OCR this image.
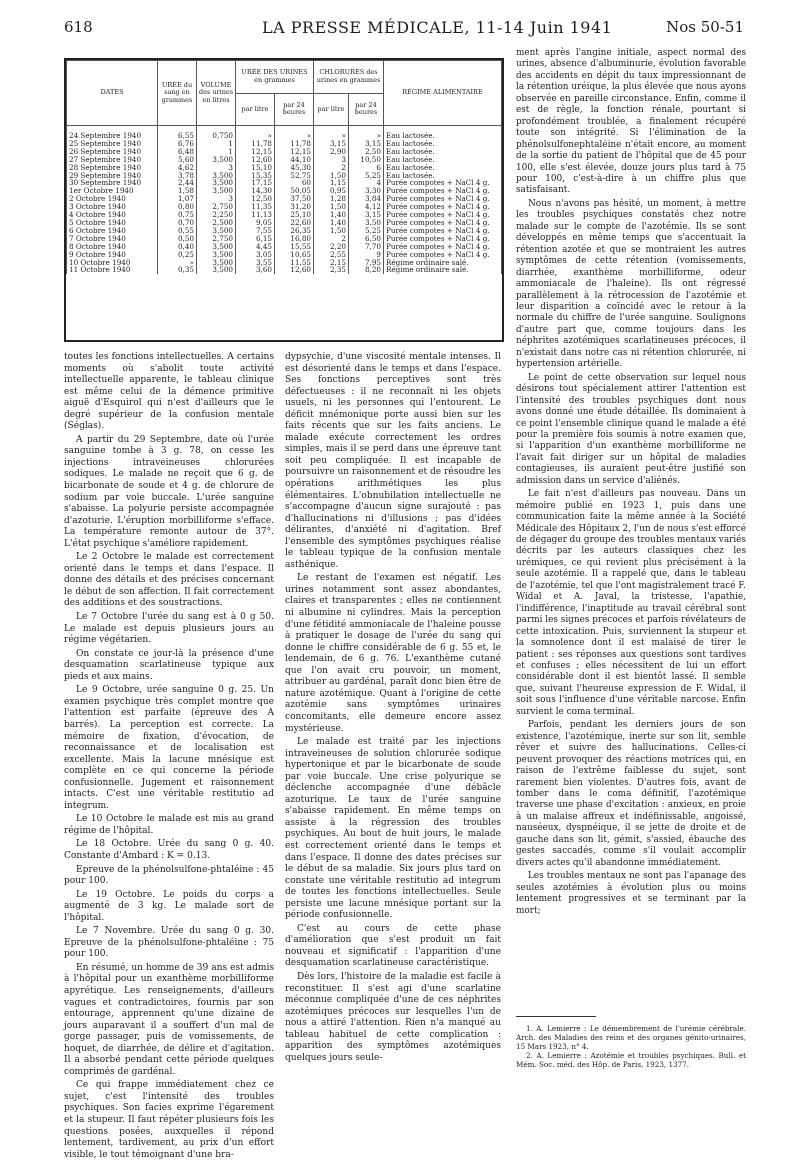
618	LA PRESSE MÉDICALE, 11-14 Juin 1941	Nos 50-51
DATES	URÉE du sang en grammes	VOLUME des urines en litres	URÉE DES URINES en grammes		CHLORURES des urines en grammes		RÉGIME ALIMENTAIRE
			par litre	par 24 heures	par litre	par 24 heures	
24 Septembre 1940	6,55	0,750	»	»	»	»	Eau lactosée.
25 Septembre 1940	6,76	1	11,78	11,78	3,15	3,15	Eau lactosée.
26 Septembre 1940	6,48	1	12,15	12,15	2,90	2,50	Eau lactosée.
27 Septembre 1940	5,60	3,500	12,60	44,10	3	10,50	Eau lactosée.
28 Septembre 1940	4,62	3	15,10	45,30	2	6	Eau lactosée.
29 Septembre 1940	3,78	3,500	15,35	52,75	1,50	5,25	Eau lactosée.
30 Septembre 1940	2,44	3,500	17,15	60	1,15	4	Purée compotes + NaCl 4 g.
1er Octobre 1940	1,58	3,500	14,30	50,05	0,95	3,30	Purée compotes + NaCl 4 g.
2 Octobre 1940	1,07	3	12,50	37,50	1,28	3,84	Purée compotes + NaCl 4 g.
3 Octobre 1940	0,80	2,750	11,35	31,20	1,50	4,12	Purée compotes + NaCl 4 g.
4 Octobre 1940	0,75	2,250	11,13	25,10	1,40	3,15	Purée compotes + NaCl 4 g.
5 Octobre 1940	0,70	2,500	9,05	22,60	1,40	3,50	Purée compotes + NaCl 4 g.
6 Octobre 1940	0,55	3,500	7,55	26,35	1,50	5,25	Purée compotes + NaCl 4 g.
7 Octobre 1940	0,50	2,750	6,15	16,80	2	6,50	Purée compotes + NaCl 4 g.
8 Octobre 1940	0,40	3,500	4,45	15,55	2,20	7,70	Purée compotes + NaCl 4 g.
9 Octobre 1940	0,25	3,500	3,05	10,65	2,55	9	Purée compotes + NaCl 4 g.
10 Octobre 1940	»	3,500	3,55	11,55	2,15	7,95	Régime ordinaire salé.
11 Octobre 1940	0,35	3,500	3,60	12,60	2,35	8,20	Régime ordinaire salé.

toutes les fonctions intellectuelles. A certains moments où s'abolit toute activité intellectuelle apparente, le tableau clinique est même celui de la démence primitive aiguë d'Esquirol qui n'est d'ailleurs que le degré supérieur de la confusion mentale (Séglas).

A partir du 29 Septembre, date où l'urée sanguine tombe à 3 g. 78, on cesse les injections intraveineuses chlorurées sodiques. Le malade ne reçoit que 6 g. de bicarbonate de soude et 4 g. de chlorure de sodium par voie buccale. L'urée sanguine s'abaisse. La polyurie persiste accompagnée d'azoturie. L'éruption morbilliforme s'efface. La température remonte autour de 37°. L'état psychique s'améliore rapidement.

Le 2 Octobre le malade est correctement orienté dans le temps et dans l'espace. Il donne des détails et des précises concernant le début de son affection. Il fait correctement des additions et des soustractions.

Le 7 Octobre l'urée du sang est à 0 g 50. Le malade est depuis plusieurs jours au régime végétarien.

On constate ce jour-là la présence d'une desquamation scarlatineuse typique aux pieds et aux mains.

Le 9 Octobre, urée sanguine 0 g. 25. Un examen psychique très complet montre que l'attention est parfaite (épreuve des A barrés). La perception est correcte. La mémoire de fixation, d'évocation, de reconnaissance et de localisation est excellente. Mais la lacune mnésique est complète en ce qui concerne la période confusionnelle. Jugement et raisonnement intacts. C'est une véritable restitutio ad integrum.

Le 10 Octobre le malade est mis au grand régime de l'hôpital.

Le 18 Octobre. Urée du sang 0 g. 40. Constante d'Ambard : K = 0.13.

Epreuve de la phénolsulfone-phtaléine : 45 pour 100.

Le 19 Octobre. Le poids du corps a augmenté de 3 kg. Le malade sort de l'hôpital.

Le 7 Novembre. Urée du sang 0 g. 30. Epreuve de la phénolsulfone-phtaléine : 75 pour 100.

En résumé, un homme de 39 ans est admis à l'hôpital pour un exanthème morbilliforme apyrétique. Les renseignements, d'ailleurs vagues et contradictoires, fournis par son entourage, apprennent qu'une dizaine de jours auparavant il a souffert d'un mal de gorge passager, puis de vomissements, de hoquet, de diarrhée, de délire et d'agitation. Il a absorbé pendant cette période quelques comprimés de gardénal.

Ce qui frappe immédiatement chez ce sujet, c'est l'intensité des troubles psychiques. Son facies exprime l'égarement et la stupeur. Il faut répéter plusieurs fois les questions posées, auxquelles il répond lentement, tardivement, au prix d'un effort visible, le tout témoignant d'une bra-

dypsychie, d'une viscosité mentale intenses. Il est désorienté dans le temps et dans l'espace. Ses fonctions perceptives sont très défectueuses : il ne reconnaît ni les objets usuels, ni les personnes qui l'entourent. Le déficit mnémonique porte aussi bien sur les faits récents que sur les faits anciens. Le malade exécute correctement les ordres simples, mais il se perd dans une épreuve tant soit peu compliquée. Il est incapable de poursuivre un raisonnement et de résoudre les opérations arithmétiques les plus élémentaires. L'obnubilation intellectuelle ne s'accompagne d'aucun signe surajouté : pas d'hallucinations ni d'illusions ; pas d'idées délirantes, d'anxiété ni d'agitation. Bref l'ensemble des symptômes psychiques réalise le tableau typique de la confusion mentale asthénique.

Le restant de l'examen est négatif. Les urines notamment sont assez abondantes, claires et transparentes ; elles ne contiennent ni albumine ni cylindres. Mais la perception d'une fétidité ammoniacale de l'haleine pousse à pratiquer le dosage de l'urée du sang qui donne le chiffre considérable de 6 g. 55 et, le lendemain, de 6 g. 76. L'exanthème cutané que l'on avait cru pouvoir, un moment, attribuer au gardénal, paraît donc bien être de nature azotémique. Quant à l'origine de cette azotémie sans symptômes urinaires concomitants, elle demeure encore assez mystérieuse.

Le malade est traité par les injections intraveineuses de solution chlorurée sodique hypertonique et par le bicarbonate de soude par voie buccale. Une crise polyurique se déclenche accompagnée d'une débâcle azoturique. Le taux de l'urée sanguine s'abaisse rapidement. En même temps on assiste à la régression des troubles psychiques. Au bout de huit jours, le malade est correctement orienté dans le temps et dans l'espace. Il donne des dates précises sur le début de sa maladie. Six jours plus tard on constate une véritable restitutio ad integrum de toutes les fonctions intellectuelles. Seule persiste une lacune mnésique portant sur la période confusionnelle.

C'est au cours de cette phase d'amélioration que s'est produit un fait nouveau et significatif : l'apparition d'une desquamation scarlatineuse caractéristique.

Dès lors, l'histoire de la maladie est facile à reconstituer. Il s'est agi d'une scarlatine méconnue compliquée d'une de ces néphrites azotémiques précoces sur lesquelles l'un de nous a attiré l'attention. Rien n'a manqué au tableau habituel de cette complication : apparition des symptômes azotémiques quelques jours seule-

ment après l'angine initiale, aspect normal des urines, absence d'albuminurie, évolution favorable des accidents en dépit du taux impressionnant de la rétention uréique, la plus élevée que nous ayons observée en pareille circonstance. Enfin, comme il est de règle, la fonction rénale, pourtant si profondément troublée, a finalement récupéré toute son intégrité. Si l'élimination de la phénolsulfonephtaléine n'était encore, au moment de la sortie du patient de l'hôpital que de 45 pour 100, elle s'est élevée, douze jours plus tard à 75 pour 100, c'est-à-dire à un chiffre plus que satisfaisant.

Nous n'avons pas hésité, un moment, à mettre les troubles psychiques constatés chez notre malade sur le compte de l'azotémie. Ils se sont développés en même temps que s'accentuait la rétention azotée et que se montraient les autres symptômes de cette rétention (vomissements, diarrhée, exanthème morbilliforme, odeur ammoniacale de l'haleine). Ils ont régressé parallèlement à la rétrocession de l'azotémie et leur disparition a coïncidé avec le retour à la normale du chiffre de l'urée sanguine. Soulignons d'autre part que, comme toujours dans les néphrites azotémiques scarlatineuses précoces, il n'existait dans notre cas ni rétention chlorurée, ni hypertension artérielle.

Le point de cette observation sur lequel nous désirons tout spécialement attirer l'attention est l'intensité des troubles psychiques dont nous avons donné une étude détaillée. Ils dominaient à ce point l'ensemble clinique quand le malade a été pour la première fois soumis à notre examen que, si l'apparition d'un exanthème morbilliforme ne l'avait fait diriger sur un hôpital de maladies contagieuses, ils auraient peut-être justifié son admission dans un service d'aliénés.

Le fait n'est d'ailleurs pas nouveau. Dans un mémoire publié en 1923 1, puis dans une communication faite la même année à la Société Médicale des Hôpitaux 2, l'un de nous s'est efforcé de dégager du groupe des troubles mentaux variés décrits par les auteurs classiques chez les urémiques, ce qui revient plus précisément à la seule azotémie. Il a rappelé que, dans le tableau de l'azotémie, tel que l'ont magistralement tracé F. Widal et A. Javal, la tristesse, l'apathie, l'indifférence, l'inaptitude au travail cérébral sont parmi les signes précoces et parfois révélateurs de cette intoxication. Puis, surviennent la stupeur et la somnolence dont il est malaisé de tirer le patient : ses réponses aux questions sont tardives et confuses ; elles nécessitent de lui un effort considérable dont il est bientôt lassé. Il semble que, suivant l'heureuse expression de F. Widal, il soit sous l'influence d'une véritable narcose. Enfin survient le coma terminal.

Parfois, pendant les derniers jours de son existence, l'azotémique, inerte sur son lit, semble rêver et suivre des hallucinations. Celles-ci peuvent provoquer des réactions motrices qui, en raison de l'extrême faiblesse du sujet, sont rarement bien violentes. D'autres fois, avant de tomber dans le coma définitif, l'azotémique traverse une phase d'excitation : anxieux, en proie à un malaise affreux et indéfinissable, angoissé, nauséeux, dyspnéique, il se jette de droite et de gauche dans son lit, gémit, s'assied, ébauche des gestes saccadés, comme s'il voulait accomplir divers actes qu'il abandonne immédiatement.

Les troubles mentaux ne sont pas l'apanage des seules azotémies à évolution plus ou moins lentement progressives et se terminant par la mort;

1. A. Lemierre : Le démembrement de l'urémie cérébrale. Arch. des Maladies des reins et des organes génito-urinaires, 15 Mars 1923, n° 4.
2. A. Lemierre : Azotémie et troubles psychiques. Bull. et Mém. Soc. méd. des Hôp. de Paris, 1923, 1377.
